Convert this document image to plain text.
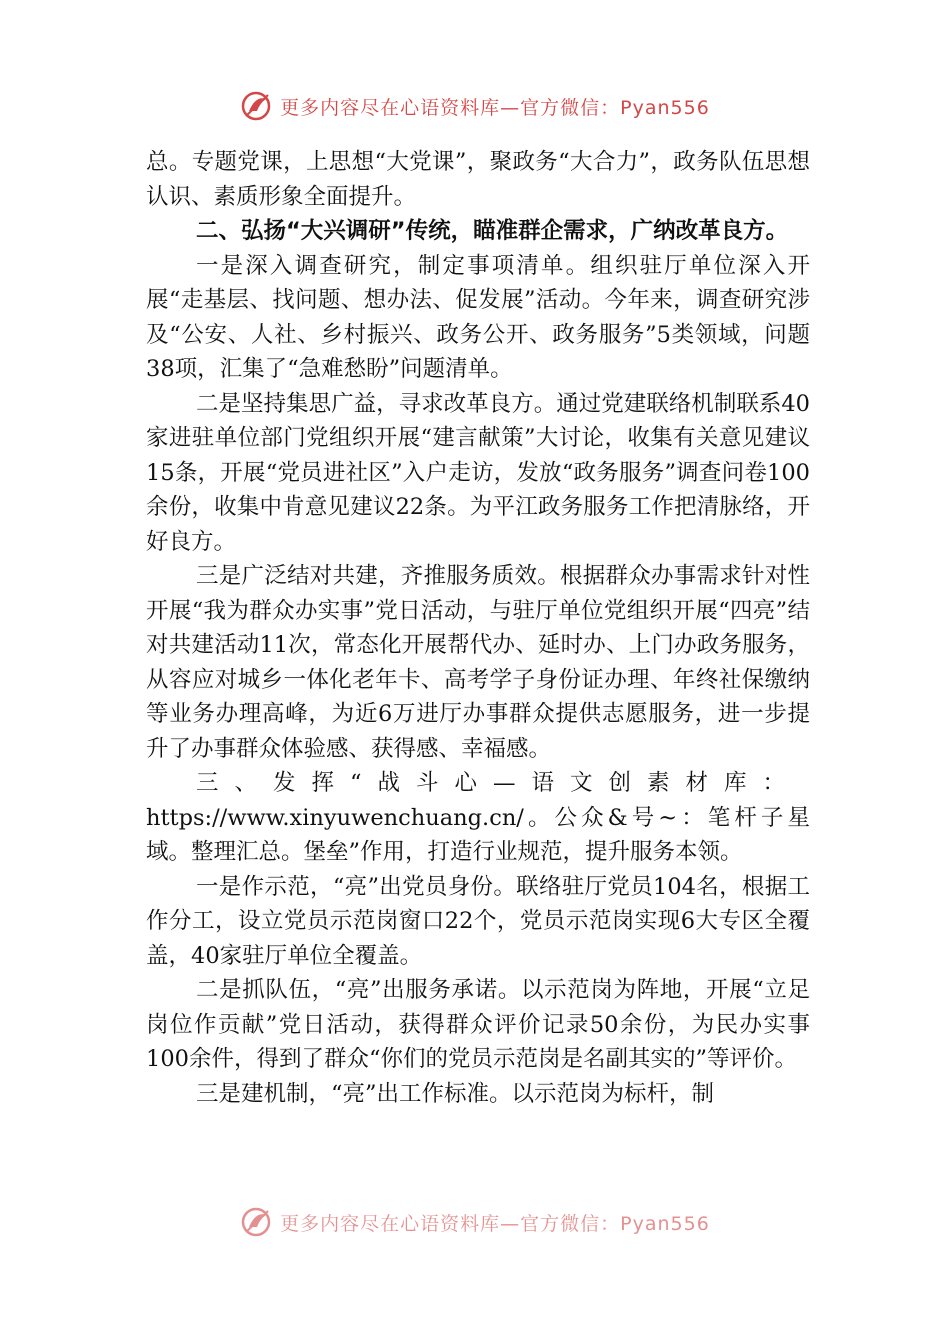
更多内容尽在心语资料库—官方微信：Pyan556

总。专题党课，上思想“大党课”，聚政务“大合力”，政务队伍思想认识、素质形象全面提升。

二、弘扬“大兴调研”传统，瞄准群企需求，广纳改革良方。

一是深入调查研究，制定事项清单。组织驻厅单位深入开展“走基层、找问题、想办法、促发展”活动。今年来，调查研究涉及“公安、人社、乡村振兴、政务公开、政务服务”5类领域，问题38项，汇集了“急难愁盼”问题清单。

二是坚持集思广益，寻求改革良方。通过党建联络机制联系40家进驻单位部门党组织开展“建言献策”大讨论，收集有关意见建议15条，开展“党员进社区”入户走访，发放“政务服务”调查问卷100余份，收集中肯意见建议22条。为平江政务服务工作把清脉络，开好良方。

三是广泛结对共建，齐推服务质效。根据群众办事需求针对性开展“我为群众办实事”党日活动，与驻厅单位党组织开展“四亮”结对共建活动11次，常态化开展帮代办、延时办、上门办政务服务，从容应对城乡一体化老年卡、高考学子身份证办理、年终社保缴纳等业务办理高峰，为近6万进厅办事群众提供志愿服务，进一步提升了办事群众体验感、获得感、幸福感。

三、发挥“战斗心—语文创素材库：

https://www.xinyuwenchuang.cn/。公众&号~：笔杆子星域。整理汇总。堡垒”作用，打造行业规范，提升服务本领。

一是作示范，“亮”出党员身份。联络驻厅党员104名，根据工作分工，设立党员示范岗窗口22个，党员示范岗实现6大专区全覆盖，40家驻厅单位全覆盖。

二是抓队伍，“亮”出服务承诺。以示范岗为阵地，开展“立足岗位作贡献”党日活动，获得群众评价记录50余份，为民办实事100余件，得到了群众“你们的党员示范岗是名副其实的”等评价。

三是建机制，“亮”出工作标准。以示范岗为标杆，制

更多内容尽在心语资料库—官方微信：Pyan556
